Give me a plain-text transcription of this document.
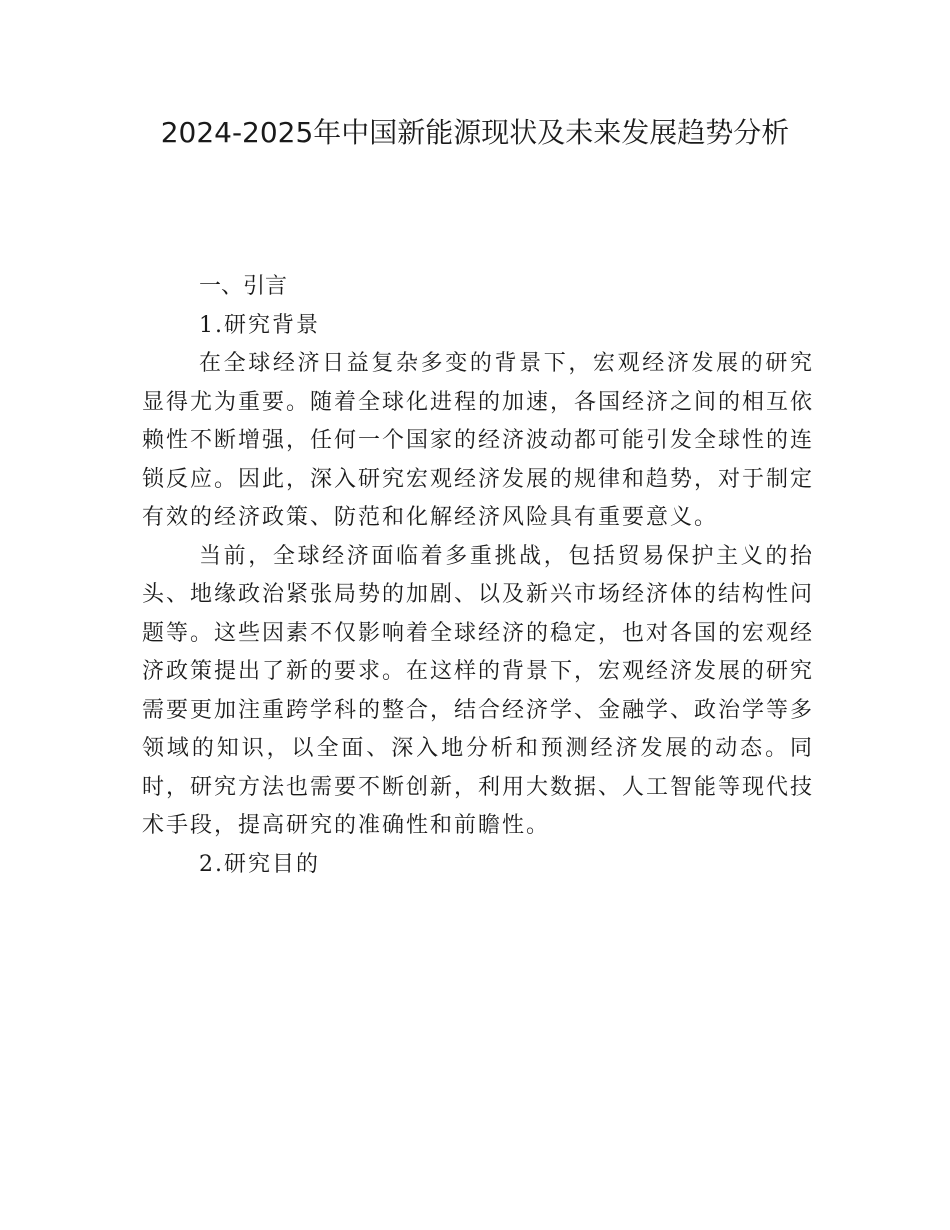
2024-2025年中国新能源现状及未来发展趋势分析

一、引言

1.研究背景

在全球经济日益复杂多变的背景下，宏观经济发展的研究显得尤为重要。随着全球化进程的加速，各国经济之间的相互依赖性不断增强，任何一个国家的经济波动都可能引发全球性的连锁反应。因此，深入研究宏观经济发展的规律和趋势，对于制定有效的经济政策、防范和化解经济风险具有重要意义。

当前，全球经济面临着多重挑战，包括贸易保护主义的抬头、地缘政治紧张局势的加剧、以及新兴市场经济体的结构性问题等。这些因素不仅影响着全球经济的稳定，也对各国的宏观经济政策提出了新的要求。在这样的背景下，宏观经济发展的研究需要更加注重跨学科的整合，结合经济学、金融学、政治学等多领域的知识，以全面、深入地分析和预测经济发展的动态。同时，研究方法也需要不断创新，利用大数据、人工智能等现代技术手段，提高研究的准确性和前瞻性。

2.研究目的
